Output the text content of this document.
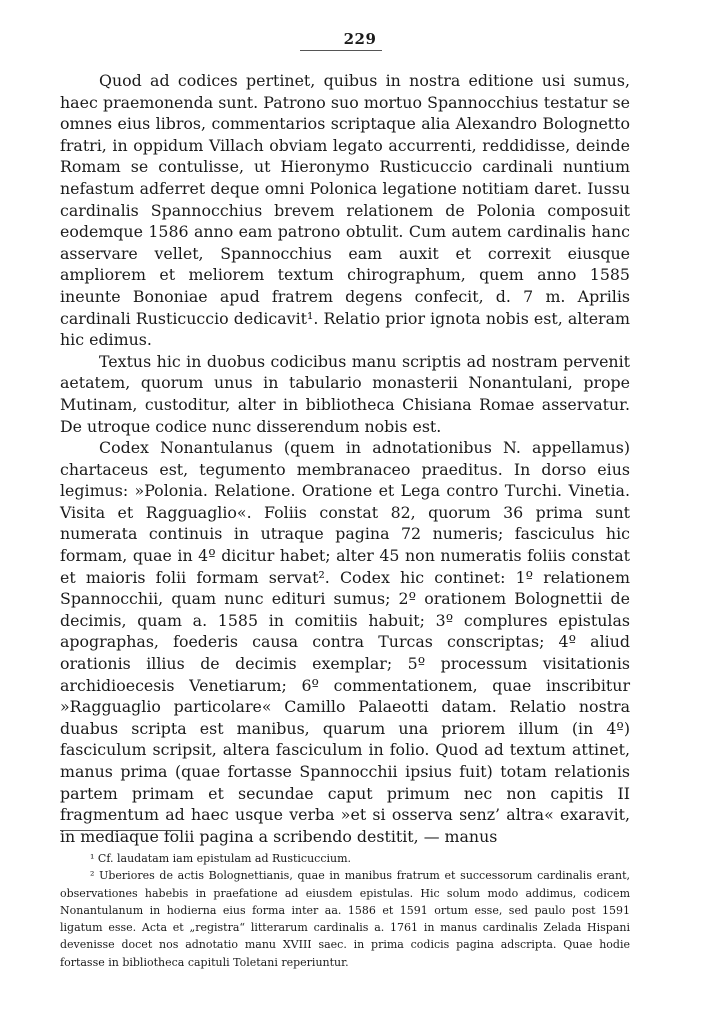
229

Quod ad codices pertinet, quibus in nostra editione usi sumus, haec praemonenda sunt. Patrono suo mortuo Spannocchius testatur se omnes eius libros, commentarios scriptaque alia Alexandro Bolognetto fratri, in oppidum Villach obviam legato accurrenti, reddidisse, deinde Romam se contulisse, ut Hieronymo Rusticuccio cardinali nuntium nefastum adferret deque omni Polonica legatione notitiam daret. Iussu cardinalis Spannocchius brevem relationem de Polonia composuit eodemque 1586 anno eam patrono obtulit. Cum autem cardinalis hanc asservare vellet, Spannocchius eam auxit et correxit eiusque ampliorem et meliorem textum chirographum, quem anno 1585 ineunte Bononiae apud fratrem degens confecit, d. 7 m. Aprilis cardinali Rusticuccio dedicavit¹. Relatio prior ignota nobis est, alteram hic edimus.

Textus hic in duobus codicibus manu scriptis ad nostram pervenit aetatem, quorum unus in tabulario monasterii Nonantulani, prope Mutinam, custoditur, alter in bibliotheca Chisiana Romae asservatur. De utroque codice nunc disserendum nobis est.

Codex Nonantulanus (quem in adnotationibus N. appellamus) chartaceus est, tegumento membranaceo praeditus. In dorso eius legimus: »Polonia. Relatione. Oratione et Lega contro Turchi. Vinetia. Visita et Ragguaglio«. Foliis constat 82, quorum 36 prima sunt numerata continuis in utraque pagina 72 numeris; fasciculus hic formam, quae in 4º dicitur habet; alter 45 non numeratis foliis constat et maioris folii formam servat². Codex hic continet: 1º relationem Spannocchii, quam nunc edituri sumus; 2º orationem Bolognettii de decimis, quam a. 1585 in comitiis habuit; 3º complures epistulas apographas, foederis causa contra Turcas conscriptas; 4º aliud orationis illius de decimis exemplar; 5º processum visitationis archidioecesis Venetiarum; 6º commentationem, quae inscribitur »Ragguaglio particolare« Camillo Palaeotti datam. Relatio nostra duabus scripta est manibus, quarum una priorem illum (in 4º) fasciculum scripsit, altera fasciculum in folio. Quod ad textum attinet, manus prima (quae fortasse Spannocchii ipsius fuit) totam relationis partem primam et secundae caput primum nec non capitis II fragmentum ad haec usque verba »et si osserva senz’ altra« exaravit, in mediaque folii pagina a scribendo destitit, — manus

¹ Cf. laudatam iam epistulam ad Rusticuccium.

² Uberiores de actis Bolognettianis, quae in manibus fratrum et successorum cardinalis erant, observationes habebis in praefatione ad eiusdem epistulas. Hic solum modo addimus, codicem Nonantulanum in hodierna eius forma inter aa. 1586 et 1591 ortum esse, sed paulo post 1591 ligatum esse. Acta et „registra“ litterarum cardinalis a. 1761 in manus cardinalis Zelada Hispani devenisse docet nos adnotatio manu XVIII saec. in prima codicis pagina adscripta. Quae hodie fortasse in bibliotheca capituli Toletani reperiuntur.
